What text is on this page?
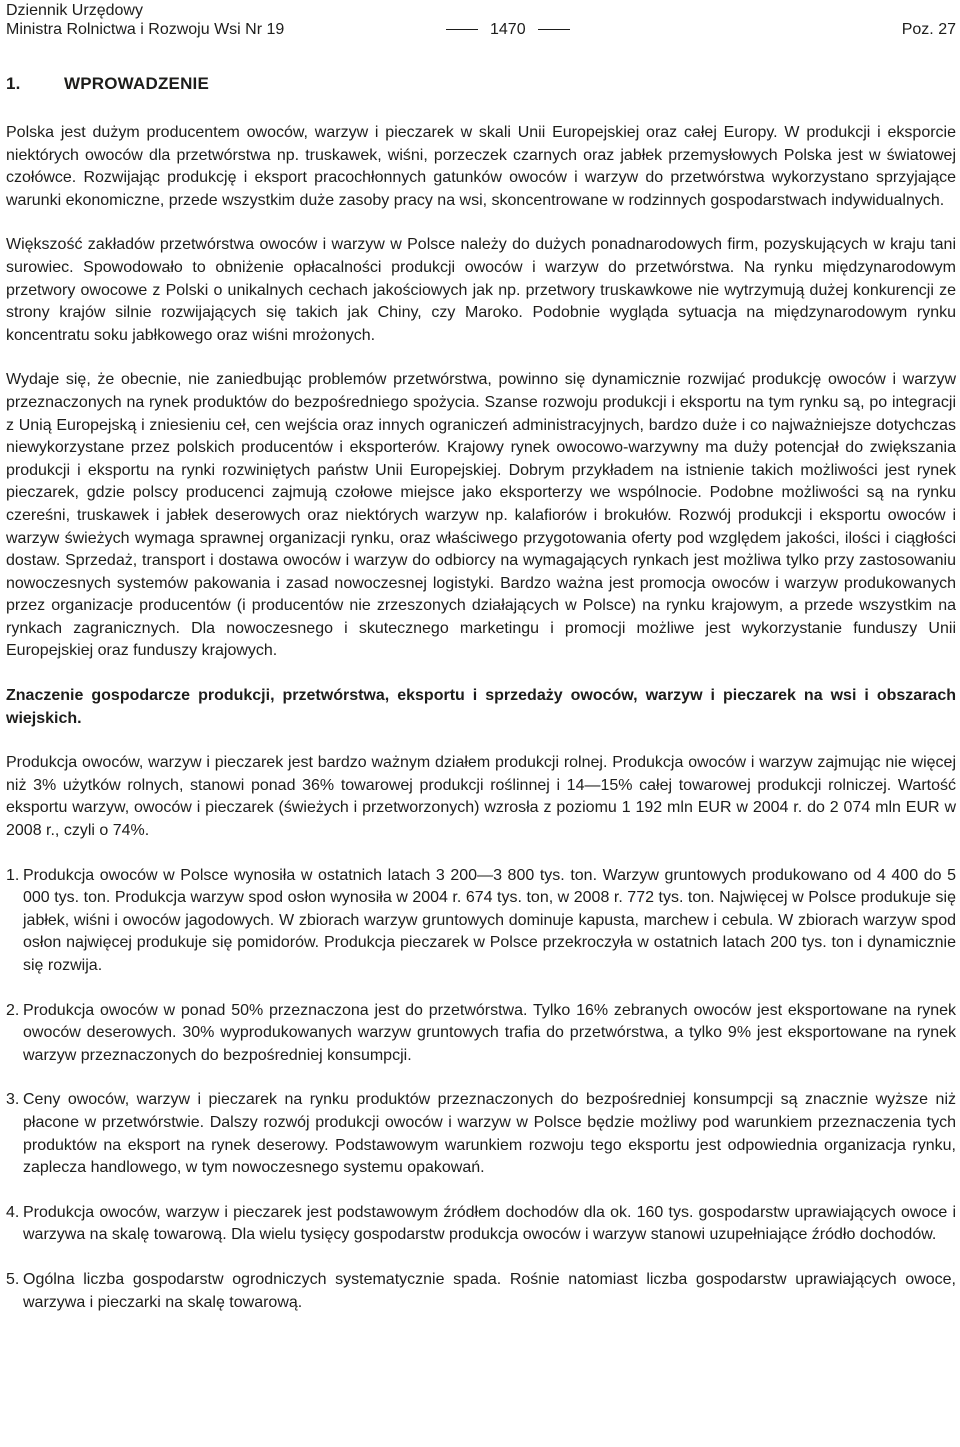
Dziennik Urzędowy
Ministra Rolnictwa i Rozwoju Wsi Nr 19	1470	Poz. 27
1.	WPROWADZENIE

Polska jest dużym producentem owoców, warzyw i pieczarek w skali Unii Europejskiej oraz całej Europy. W produkcji i eksporcie niektórych owoców dla przetwórstwa np. truskawek, wiśni, porzeczek czarnych oraz jabłek przemysłowych Polska jest w światowej czołówce. Rozwijając produkcję i eksport pracochłonnych gatunków owoców i warzyw do przetwórstwa wykorzystano sprzyjające warunki ekonomiczne, przede wszystkim duże zasoby pracy na wsi, skoncentrowane w rodzinnych gospodarstwach indywidualnych.

Większość zakładów przetwórstwa owoców i warzyw w Polsce należy do dużych ponadnarodowych firm, pozyskujących w kraju tani surowiec. Spowodowało to obniżenie opłacalności produkcji owoców i warzyw do przetwórstwa. Na rynku międzynarodowym przetwory owocowe z Polski o unikalnych cechach jakościowych jak np. przetwory truskawkowe nie wytrzymują dużej konkurencji ze strony krajów silnie rozwijających się takich jak Chiny, czy Maroko. Podobnie wygląda sytuacja na międzynarodowym rynku koncentratu soku jabłkowego oraz wiśni mrożonych.

Wydaje się, że obecnie, nie zaniedbując problemów przetwórstwa, powinno się dynamicznie rozwijać produkcję owoców i warzyw przeznaczonych na rynek produktów do bezpośredniego spożycia. Szanse rozwoju produkcji i eksportu na tym rynku są, po integracji z Unią Europejską i zniesieniu ceł, cen wejścia oraz innych ograniczeń administracyjnych, bardzo duże i co najważniejsze dotychczas niewykorzystane przez polskich producentów i eksporterów. Krajowy rynek owocowo-warzywny ma duży potencjał do zwiększania produkcji i eksportu na rynki rozwiniętych państw Unii Europejskiej. Dobrym przykładem na istnienie takich możliwości jest rynek pieczarek, gdzie polscy producenci zajmują czołowe miejsce jako eksporterzy we wspólnocie. Podobne możliwości są na rynku czereśni, truskawek i jabłek deserowych oraz niektórych warzyw np. kalafiorów i brokułów. Rozwój produkcji i eksportu owoców i warzyw świeżych wymaga sprawnej organizacji rynku, oraz właściwego przygotowania oferty pod względem jakości, ilości i ciągłości dostaw. Sprzedaż, transport i dostawa owoców i warzyw do odbiorcy na wymagających rynkach jest możliwa tylko przy zastosowaniu nowoczesnych systemów pakowania i zasad nowoczesnej logistyki. Bardzo ważna jest promocja owoców i warzyw produkowanych przez organizacje producentów (i producentów nie zrzeszonych działających w Polsce) na rynku krajowym, a przede wszystkim na rynkach zagranicznych. Dla nowoczesnego i skutecznego marketingu i promocji możliwe jest wykorzystanie funduszy Unii Europejskiej oraz funduszy krajowych.

Znaczenie gospodarcze produkcji, przetwórstwa, eksportu i sprzedaży owoców, warzyw i pieczarek na wsi i obszarach wiejskich.

Produkcja owoców, warzyw i pieczarek jest bardzo ważnym działem produkcji rolnej. Produkcja owoców i warzyw zajmując nie więcej niż 3% użytków rolnych, stanowi ponad 36% towarowej produkcji roślinnej i 14—15% całej towarowej produkcji rolniczej. Wartość eksportu warzyw, owoców i pieczarek (świeżych i przetworzonych) wzrosła z poziomu 1 192 mln EUR w 2004 r. do 2 074 mln EUR w 2008 r., czyli o 74%.

1. Produkcja owoców w Polsce wynosiła w ostatnich latach 3 200—3 800 tys. ton. Warzyw gruntowych produkowano od 4 400 do 5 000 tys. ton. Produkcja warzyw spod osłon wynosiła w 2004 r. 674 tys. ton, w 2008 r. 772 tys. ton. Najwięcej w Polsce produkuje się jabłek, wiśni i owoców jagodowych. W zbiorach warzyw gruntowych dominuje kapusta, marchew i cebula. W zbiorach warzyw spod osłon najwięcej produkuje się pomidorów. Produkcja pieczarek w Polsce przekroczyła w ostatnich latach 200 tys. ton i dynamicznie się rozwija.
2. Produkcja owoców w ponad 50% przeznaczona jest do przetwórstwa. Tylko 16% zebranych owoców jest eksportowane na rynek owoców deserowych. 30% wyprodukowanych warzyw gruntowych trafia do przetwórstwa, a tylko 9% jest eksportowane na rynek warzyw przeznaczonych do bezpośredniej konsumpcji.
3. Ceny owoców, warzyw i pieczarek na rynku produktów przeznaczonych do bezpośredniej konsumpcji są znacznie wyższe niż płacone w przetwórstwie. Dalszy rozwój produkcji owoców i warzyw w Polsce będzie możliwy pod warunkiem przeznaczenia tych produktów na eksport na rynek deserowy. Podstawowym warunkiem rozwoju tego eksportu jest odpowiednia organizacja rynku, zaplecza handlowego, w tym nowoczesnego systemu opakowań.
4. Produkcja owoców, warzyw i pieczarek jest podstawowym źródłem dochodów dla ok. 160 tys. gospodarstw uprawiających owoce i warzywa na skalę towarową. Dla wielu tysięcy gospodarstw produkcja owoców i warzyw stanowi uzupełniające źródło dochodów.
5. Ogólna liczba gospodarstw ogrodniczych systematycznie spada. Rośnie natomiast liczba gospodarstw uprawiających owoce, warzywa i pieczarki na skalę towarową.
